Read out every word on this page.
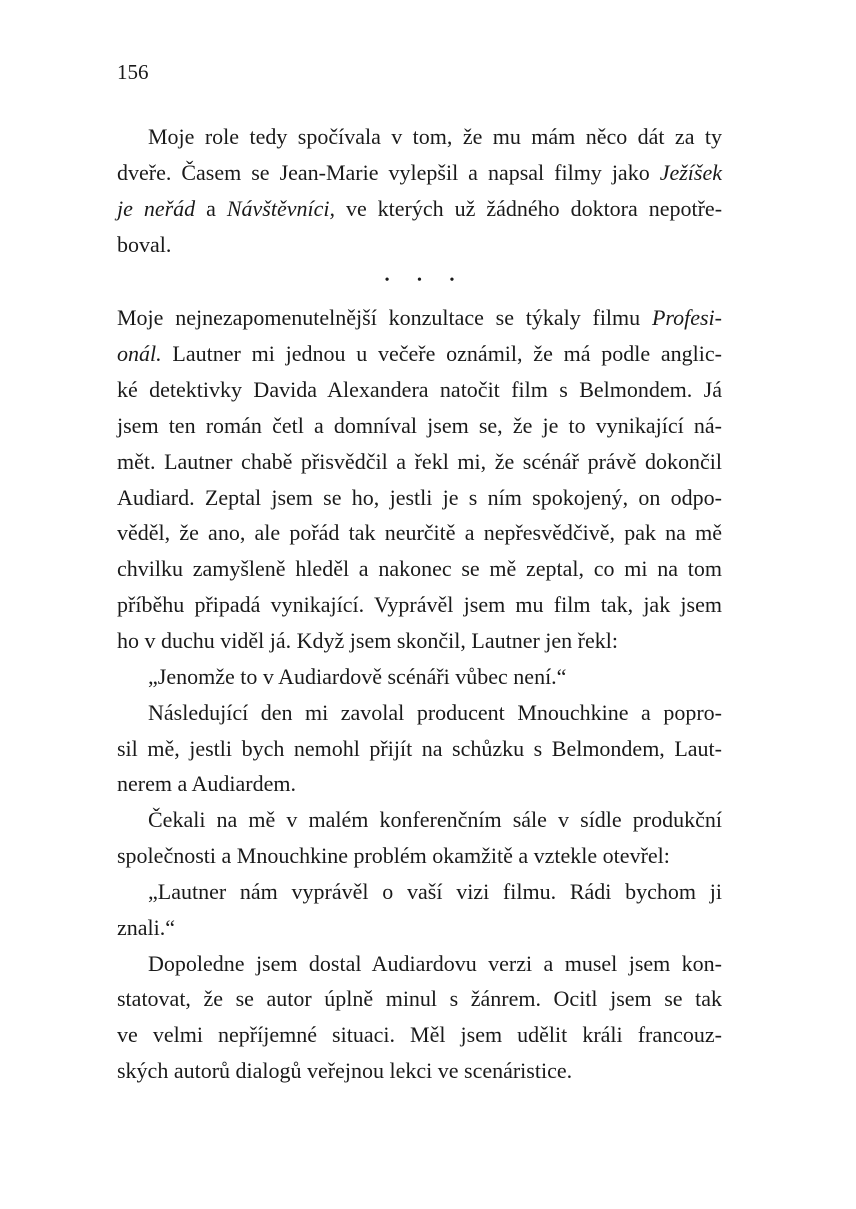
156
Moje role tedy spočívala v tom, že mu mám něco dát za ty
dveře. Časem se Jean-Marie vylepšil a napsal filmy jako Ježíšek
je neřád a Návštěvníci, ve kterých už žádného doktora nepotře-
boval.
• • •
Moje nejnezapomenutelnější konzultace se týkaly filmu Profesi-
onál. Lautner mi jednou u večeře oznámil, že má podle anglic-
ké detektivky Davida Alexandera natočit film s Belmondem. Já
jsem ten román četl a domníval jsem se, že je to vynikající ná-
mět. Lautner chabě přisvědčil a řekl mi, že scénář právě dokončil
Audiard. Zeptal jsem se ho, jestli je s ním spokojený, on odpo-
věděl, že ano, ale pořád tak neurčitě a nepřesvědčivě, pak na mě
chvilku zamyšleně hleděl a nakonec se mě zeptal, co mi na tom
příběhu připadá vynikající. Vyprávěl jsem mu film tak, jak jsem
ho v duchu viděl já. Když jsem skončil, Lautner jen řekl:
„Jenomže to v Audiardově scénáři vůbec není.“
Následující den mi zavolal producent Mnouchkine a popro-
sil mě, jestli bych nemohl přijít na schůzku s Belmondem, Laut-
nerem a Audiardem.
Čekali na mě v malém konferenčním sále v sídle produkční
společnosti a Mnouchkine problém okamžitě a vztekle otevřel:
„Lautner nám vyprávěl o vaší vizi filmu. Rádi bychom ji
znali.“
Dopoledne jsem dostal Audiardovu verzi a musel jsem kon-
statovat, že se autor úplně minul s žánrem. Ocitl jsem se tak
ve velmi nepříjemné situaci. Měl jsem udělit králi francouz-
ských autorů dialogů veřejnou lekci ve scenáristice.
